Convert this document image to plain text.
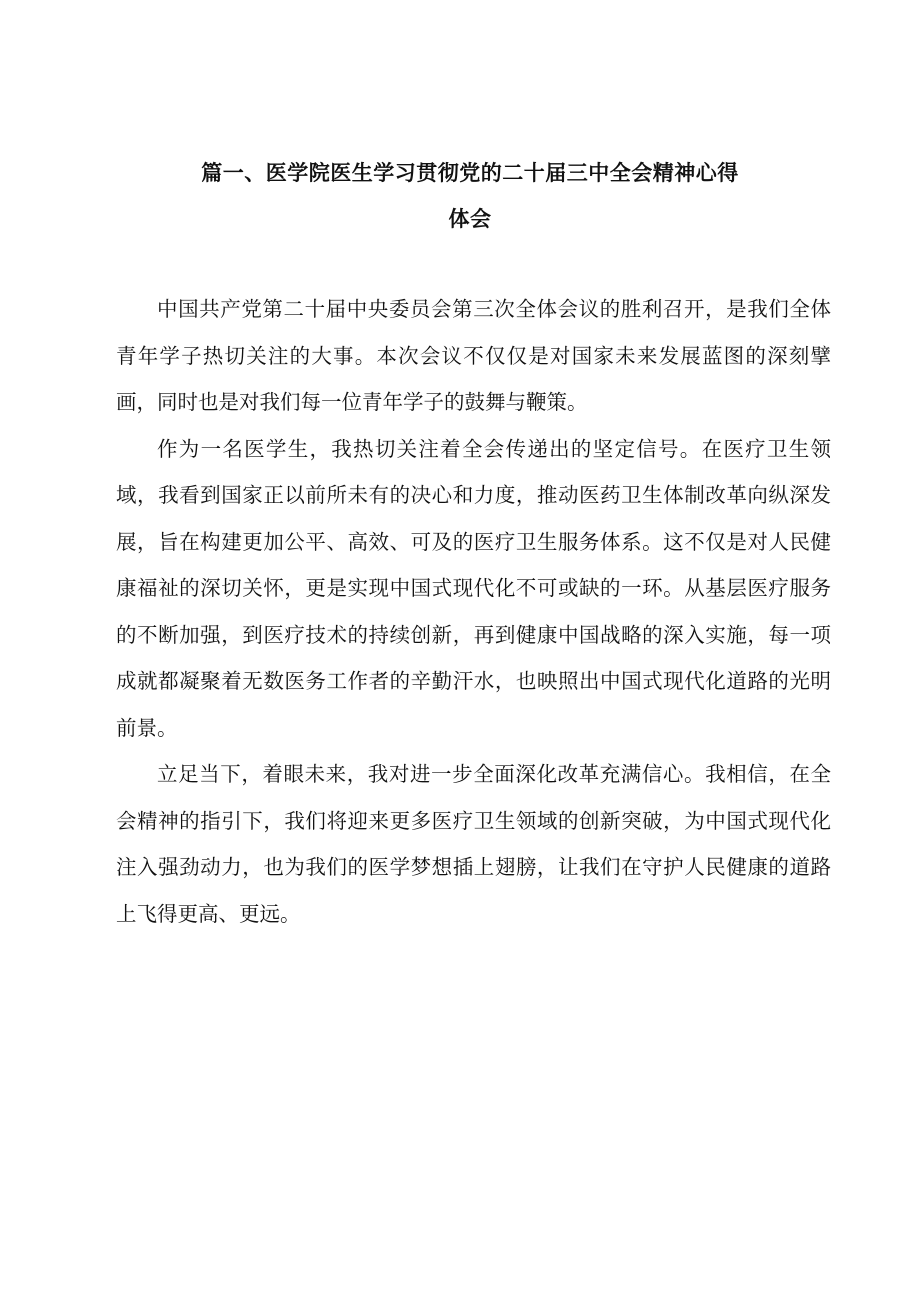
篇一、医学院医生学习贯彻党的二十届三中全会精神心得
体会

中国共产党第二十届中央委员会第三次全体会议的胜利召开，是我们全体青年学子热切关注的大事。本次会议不仅仅是对国家未来发展蓝图的深刻擘画，同时也是对我们每一位青年学子的鼓舞与鞭策。

作为一名医学生，我热切关注着全会传递出的坚定信号。在医疗卫生领域，我看到国家正以前所未有的决心和力度，推动医药卫生体制改革向纵深发展，旨在构建更加公平、高效、可及的医疗卫生服务体系。这不仅是对人民健康福祉的深切关怀，更是实现中国式现代化不可或缺的一环。从基层医疗服务的不断加强，到医疗技术的持续创新，再到健康中国战略的深入实施，每一项成就都凝聚着无数医务工作者的辛勤汗水，也映照出中国式现代化道路的光明前景。

立足当下，着眼未来，我对进一步全面深化改革充满信心。我相信，在全会精神的指引下，我们将迎来更多医疗卫生领域的创新突破，为中国式现代化注入强劲动力，也为我们的医学梦想插上翅膀，让我们在守护人民健康的道路上飞得更高、更远。
